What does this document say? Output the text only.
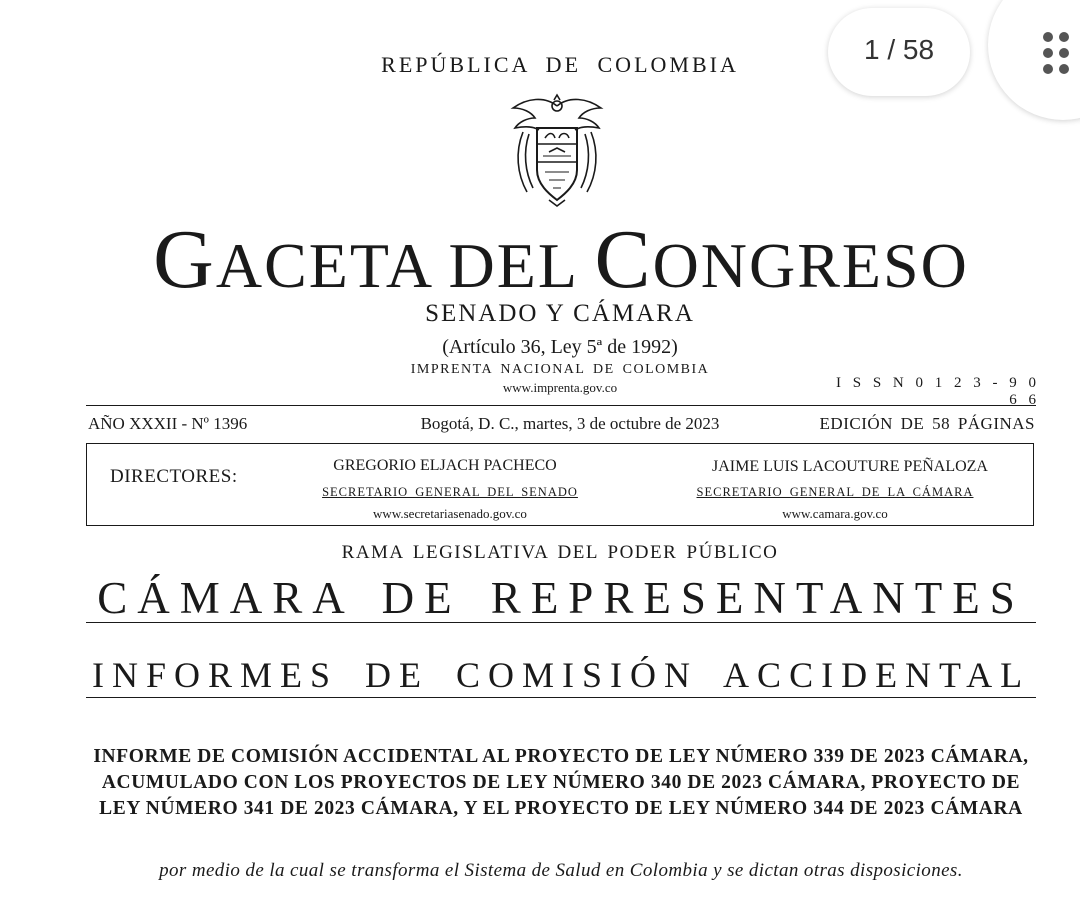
REPÚBLICA DE COLOMBIA
GACETA DEL CONGRESO
SENADO Y CÁMARA
(Artículo 36, Ley 5ª de 1992)
IMPRENTA NACIONAL DE COLOMBIA
www.imprenta.gov.co	I S S N 0 1 2 3 - 9 0 6 6
AÑO XXXII - Nº 1396	Bogotá, D. C., martes, 3 de octubre de 2023	EDICIÓN DE 58 PÁGINAS
DIRECTORES:
GREGORIO ELJACH PACHECO
SECRETARIO GENERAL DEL SENADO
www.secretariasenado.gov.co
JAIME LUIS LACOUTURE PEÑALOZA
SECRETARIO GENERAL DE LA CÁMARA
www.camara.gov.co
RAMA LEGISLATIVA DEL PODER PÚBLICO
CÁMARA DE REPRESENTANTES
INFORMES DE COMISIÓN ACCIDENTAL
INFORME DE COMISIÓN ACCIDENTAL AL PROYECTO DE LEY NÚMERO 339 DE 2023 CÁMARA, ACUMULADO CON LOS PROYECTOS DE LEY NÚMERO 340 DE 2023 CÁMARA, PROYECTO DE LEY NÚMERO 341 DE 2023 CÁMARA, Y EL PROYECTO DE LEY NÚMERO 344 DE 2023 CÁMARA
por medio de la cual se transforma el Sistema de Salud en Colombia y se dictan otras disposiciones.
1 / 58
